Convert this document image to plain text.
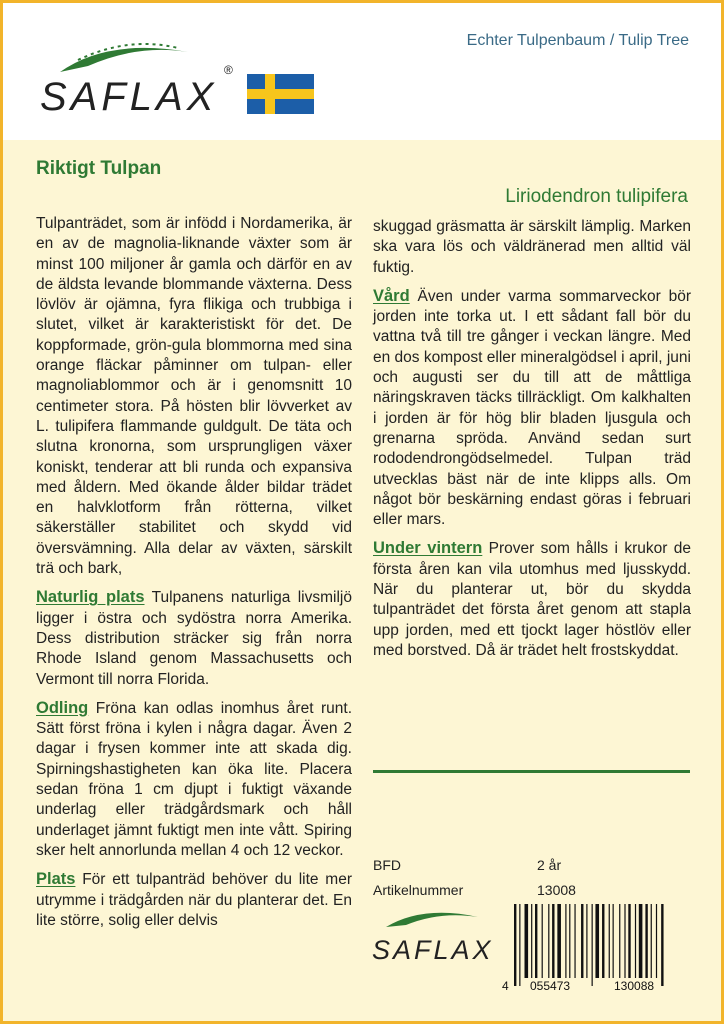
Echter Tulpenbaum / Tulip Tree
SAFLAX
®
Riktigt Tulpan
Liriodendron tulipifera

Tulpanträdet, som är infödd i Nordamerika, är en av de magnolia-liknande växter som är minst 100 miljoner år gamla och därför en av de äldsta levande blommande växterna. Dess lövlöv är ojämna, fyra flikiga och trubbiga i slutet, vilket är karakteristiskt för det. De koppformade, grön-gula blommorna med sina orange fläckar påminner om tulpan- eller magnoliablommor och är i genomsnitt 10 centimeter stora. På hösten blir lövverket av L. tulipifera flammande guldgult. De täta och slutna kronorna, som ursprungligen växer koniskt, tenderar att bli runda och expansiva med åldern. Med ökande ålder bildar trädet en halvklotform från rötterna, vilket säkerställer stabilitet och skydd vid översvämning. Alla delar av växten, särskilt trä och bark,

Naturlig plats Tulpanens naturliga livsmiljö ligger i östra och sydöstra norra Amerika. Dess distribution sträcker sig från norra Rhode Island genom Massachusetts och Vermont till norra Florida.

Odling Fröna kan odlas inomhus året runt. Sätt först fröna i kylen i några dagar. Även 2 dagar i frysen kommer inte att skada dig. Spirningshastigheten kan öka lite. Placera sedan fröna 1 cm djupt i fuktigt växande underlag eller trädgårdsmark och håll underlaget jämnt fuktigt men inte vått. Spiring sker helt annorlunda mellan 4 och 12 veckor.

Plats För ett tulpanträd behöver du lite mer utrymme i trädgården när du planterar det. En lite större, solig eller delvis

skuggad gräsmatta är särskilt lämplig. Marken ska vara lös och väldränerad men alltid väl fuktig.

Vård Även under varma sommarveckor bör jorden inte torka ut. I ett sådant fall bör du vattna två till tre gånger i veckan längre. Med en dos kompost eller mineralgödsel i april, juni och augusti ser du till att de måttliga näringskraven täcks tillräckligt. Om kalkhalten i jorden är för hög blir bladen ljusgula och grenarna spröda. Använd sedan surt rododendrongödselmedel. Tulpan träd utvecklas bäst när de inte klipps alls. Om något bör beskärning endast göras i februari eller mars.

Under vintern Prover som hålls i krukor de första åren kan vila utomhus med ljusskydd. När du planterar ut, bör du skydda tulpanträdet det första året genom att stapla upp jorden, med ett tjockt lager höstlöv eller med borstved. Då är trädet helt frostskyddat.

BFD	2 år
Artikelnummer	13008
SAFLAX
4 055473	130088
